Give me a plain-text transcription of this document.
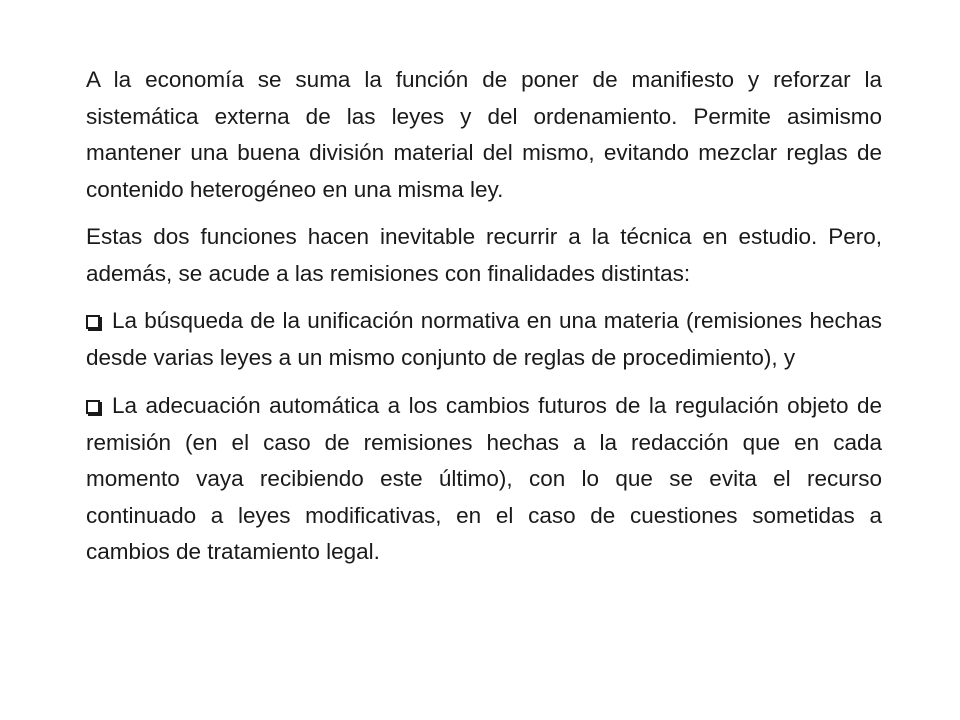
A la economía se suma la función de poner de manifiesto y reforzar la sistemática externa de las leyes y del ordenamiento. Permite asimismo mantener una buena división material del mismo, evitando mezclar reglas de contenido heterogéneo en una misma ley.

Estas dos funciones hacen inevitable recurrir a la técnica en estudio. Pero, además, se acude a las remisiones con finalidades distintas:

La búsqueda de la unificación normativa en una materia (remisiones hechas desde varias leyes a un mismo conjunto de reglas de procedimiento), y

La adecuación automática a los cambios futuros de la regulación objeto de remisión (en el caso de remisiones hechas a la redacción que en cada momento vaya recibiendo este último), con lo que se evita el recurso continuado a leyes modificativas, en el caso de cuestiones sometidas a cambios de tratamiento legal.
